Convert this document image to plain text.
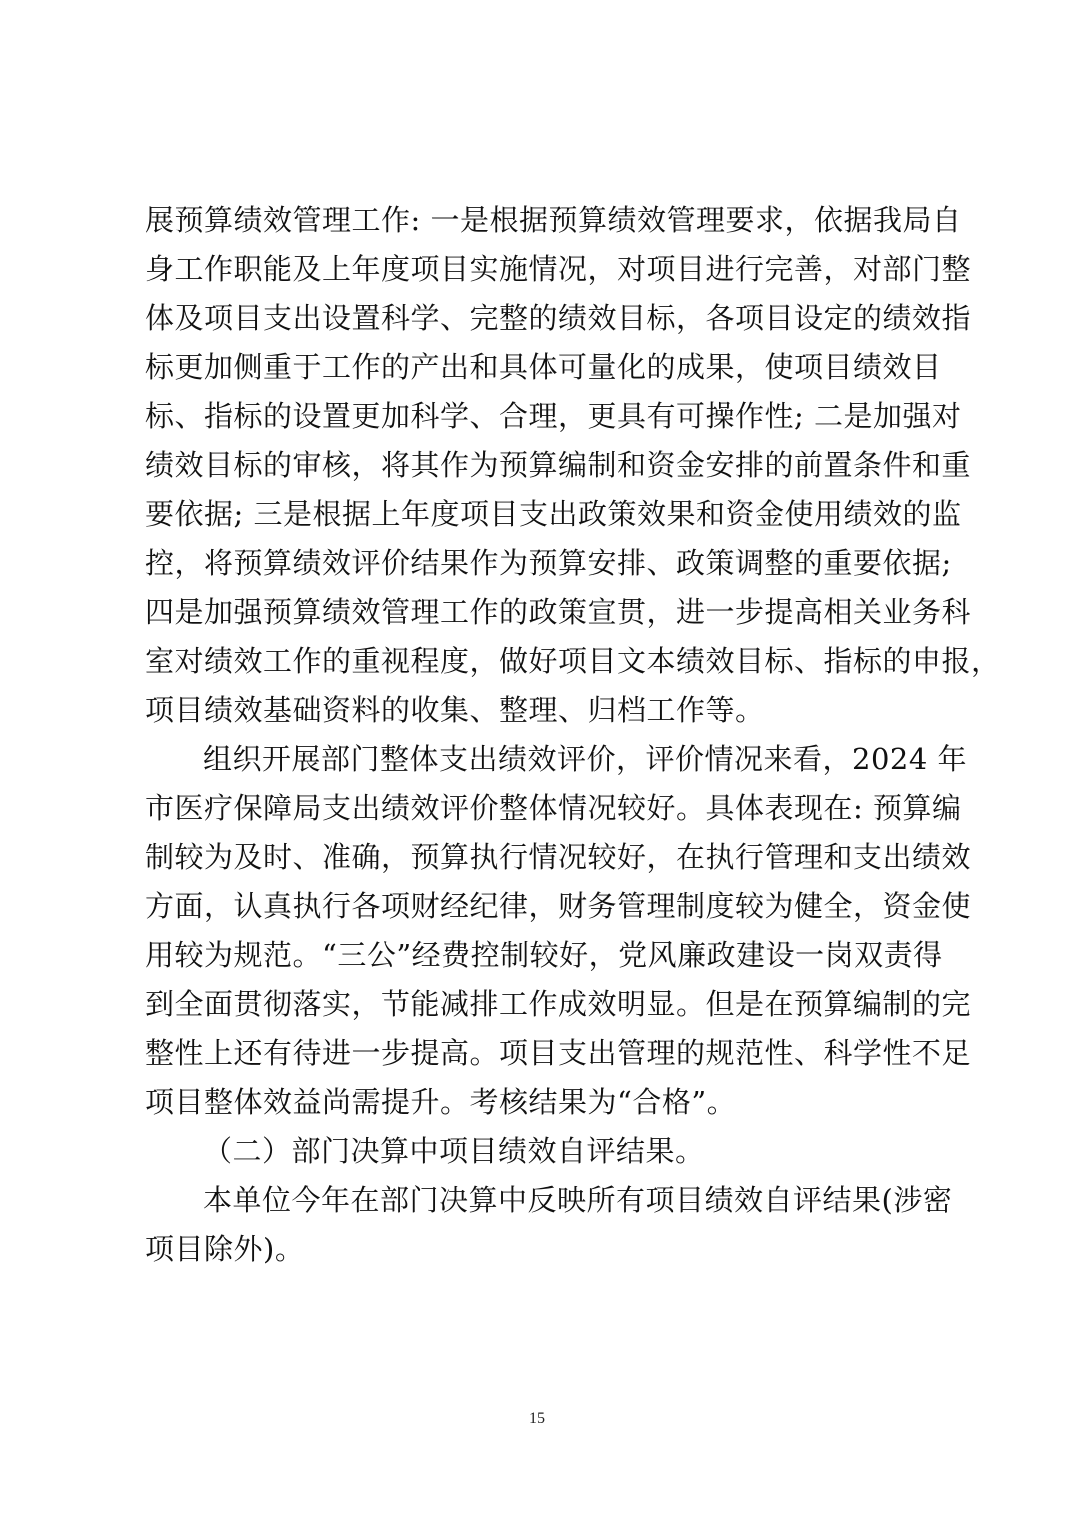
展预算绩效管理工作: 一是根据预算绩效管理要求，依据我局自
身工作职能及上年度项目实施情况，对项目进行完善，对部门整
体及项目支出设置科学、完整的绩效目标，各项目设定的绩效指
标更加侧重于工作的产出和具体可量化的成果，使项目绩效目
标、指标的设置更加科学、合理，更具有可操作性; 二是加强对
绩效目标的审核，将其作为预算编制和资金安排的前置条件和重
要依据; 三是根据上年度项目支出政策效果和资金使用绩效的监
控，将预算绩效评价结果作为预算安排、政策调整的重要依据;
四是加强预算绩效管理工作的政策宣贯，进一步提高相关业务科
室对绩效工作的重视程度，做好项目文本绩效目标、指标的申报，
项目绩效基础资料的收集、整理、归档工作等。
组织开展部门整体支出绩效评价，评价情况来看，2024 年
市医疗保障局支出绩效评价整体情况较好。具体表现在: 预算编
制较为及时、准确，预算执行情况较好，在执行管理和支出绩效
方面，认真执行各项财经纪律，财务管理制度较为健全，资金使
用较为规范。“三公”经费控制较好，党风廉政建设一岗双责得
到全面贯彻落实，节能减排工作成效明显。但是在预算编制的完
整性上还有待进一步提高。项目支出管理的规范性、科学性不足
项目整体效益尚需提升。考核结果为“合格”。
（二）部门决算中项目绩效自评结果。
本单位今年在部门决算中反映所有项目绩效自评结果(涉密
项目除外)。
15
